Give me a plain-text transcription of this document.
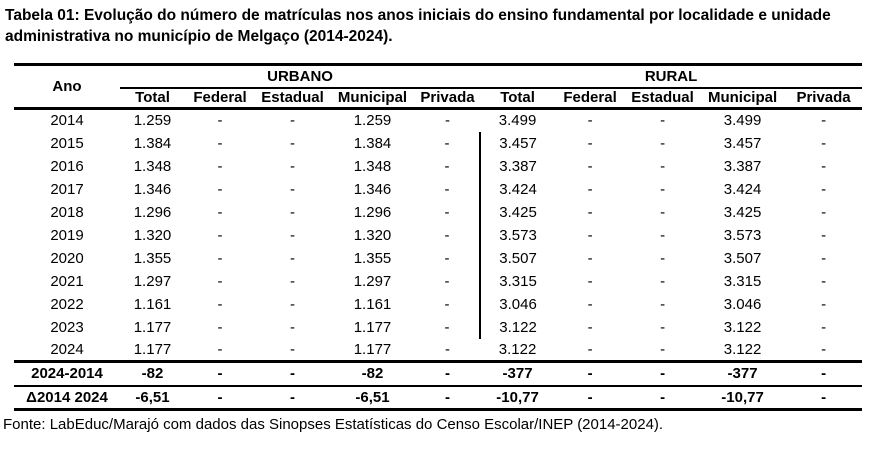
Tabela 01: Evolução do número de matrículas nos anos iniciais do ensino fundamental por localidade e unidade administrativa no município de Melgaço (2014-2024).

Ano	URBANO					RURAL				
	Total	Federal	Estadual	Municipal	Privada	Total	Federal	Estadual	Municipal	Privada
2014	1.259	-	-	1.259	-	3.499	-	-	3.499	-
2015	1.384	-	-	1.384	-	3.457	-	-	3.457	-
2016	1.348	-	-	1.348	-	3.387	-	-	3.387	-
2017	1.346	-	-	1.346	-	3.424	-	-	3.424	-
2018	1.296	-	-	1.296	-	3.425	-	-	3.425	-
2019	1.320	-	-	1.320	-	3.573	-	-	3.573	-
2020	1.355	-	-	1.355	-	3.507	-	-	3.507	-
2021	1.297	-	-	1.297	-	3.315	-	-	3.315	-
2022	1.161	-	-	1.161	-	3.046	-	-	3.046	-
2023	1.177	-	-	1.177	-	3.122	-	-	3.122	-
2024	1.177	-	-	1.177	-	3.122	-	-	3.122	-
2024-2014	-82	-	-	-82	-	-377	-	-	-377	-
Δ2014 2024	-6,51	-	-	-6,51	-	-10,77	-	-	-10,77	-

Fonte: LabEduc/Marajó com dados das Sinopses Estatísticas do Censo Escolar/INEP (2014-2024).
